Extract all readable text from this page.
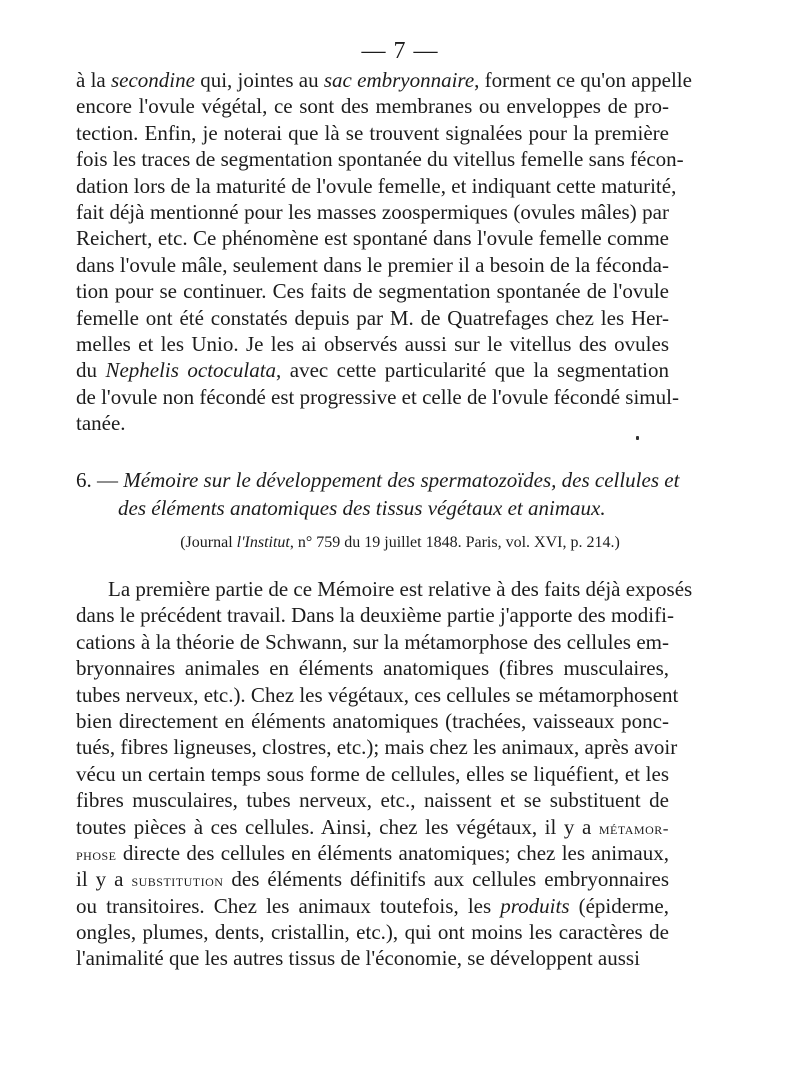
— 7 —
à la secondine qui, jointes au sac embryonnaire, forment ce qu'on appelle
encore l'ovule végétal, ce sont des membranes ou enveloppes de pro-
tection. Enfin, je noterai que là se trouvent signalées pour la première
fois les traces de segmentation spontanée du vitellus femelle sans fécon-
dation lors de la maturité de l'ovule femelle, et indiquant cette maturité,
fait déjà mentionné pour les masses zoospermiques (ovules mâles) par
Reichert, etc. Ce phénomène est spontané dans l'ovule femelle comme
dans l'ovule mâle, seulement dans le premier il a besoin de la féconda-
tion pour se continuer. Ces faits de segmentation spontanée de l'ovule
femelle ont été constatés depuis par M. de Quatrefages chez les Her-
melles et les Unio. Je les ai observés aussi sur le vitellus des ovules
du Nephelis octoculata, avec cette particularité que la segmentation
de l'ovule non fécondé est progressive et celle de l'ovule fécondé simul-
tanée.
6. — Mémoire sur le développement des spermatozoïdes, des cellules et
des éléments anatomiques des tissus végétaux et animaux.
(Journal l'Institut, n° 759 du 19 juillet 1848. Paris, vol. XVI, p. 214.)
La première partie de ce Mémoire est relative à des faits déjà exposés
dans le précédent travail. Dans la deuxième partie j'apporte des modifi-
cations à la théorie de Schwann, sur la métamorphose des cellules em-
bryonnaires animales en éléments anatomiques (fibres musculaires,
tubes nerveux, etc.). Chez les végétaux, ces cellules se métamorphosent
bien directement en éléments anatomiques (trachées, vaisseaux ponc-
tués, fibres ligneuses, clostres, etc.); mais chez les animaux, après avoir
vécu un certain temps sous forme de cellules, elles se liquéfient, et les
fibres musculaires, tubes nerveux, etc., naissent et se substituent de
toutes pièces à ces cellules. Ainsi, chez les végétaux, il y a métamor-
phose directe des cellules en éléments anatomiques; chez les animaux,
il y a substitution des éléments définitifs aux cellules embryonnaires
ou transitoires. Chez les animaux toutefois, les produits (épiderme,
ongles, plumes, dents, cristallin, etc.), qui ont moins les caractères de
l'animalité que les autres tissus de l'économie, se développent aussi
